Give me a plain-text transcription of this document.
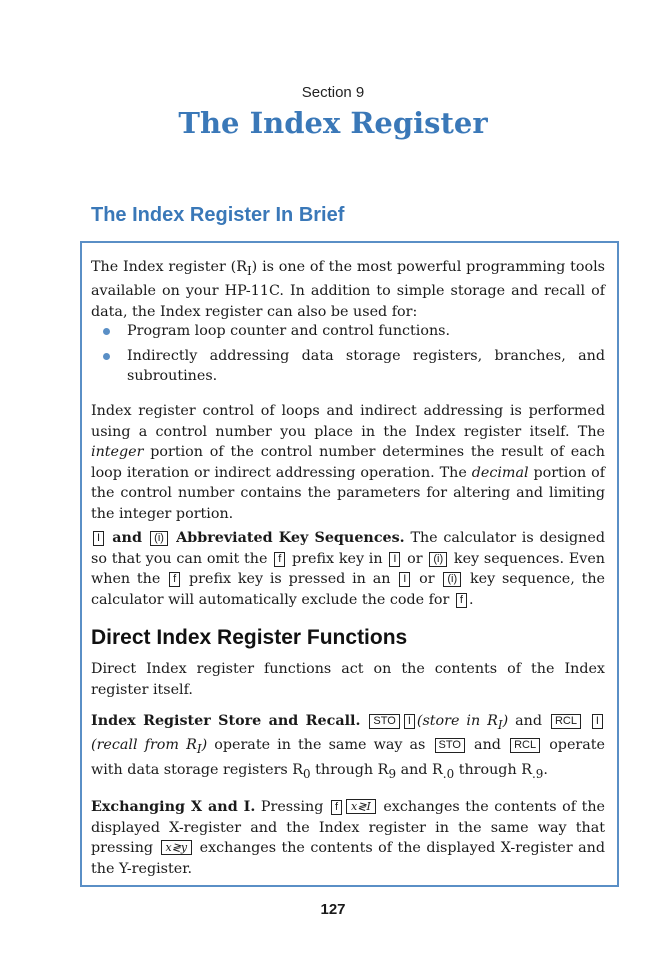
Section 9
The Index Register
The Index Register In Brief

The Index register $(R_I)$ is one of the most powerful programming tools available on your HP-11C. In addition to simple storage and recall of data, the Index register can also be used for:

Program loop counter and control functions.
Indirectly addressing data storage registers, branches, and subroutines.

Index register control of loops and indirect addressing is performed using a control number you place in the Index register itself. The integer portion of the control number determines the result of each loop iteration or indirect addressing operation. The decimal portion of the control number contains the parameters for altering and limiting the integer portion.

I and (i) Abbreviated Key Sequences. The calculator is designed so that you can omit the f prefix key in I or (i) key sequences. Even when the f prefix key is pressed in an I or (i) key sequence, the calculator will automatically exclude the code for f .

Direct Index Register Functions

Direct Index register functions act on the contents of the Index register itself.

Index Register Store and Recall. STO I (store in $R_I$) and RCL I (recall from $R_I$) operate in the same way as STO and RCL operate with data storage registers $R_0$ through $R_9$ and $R_{.0}$ through $R_{.9}$.

Exchanging X and I. Pressing f x≷I exchanges the contents of the displayed X-register and the Index register in the same way that pressing x≷y exchanges the contents of the displayed X-register and the Y-register.

127
